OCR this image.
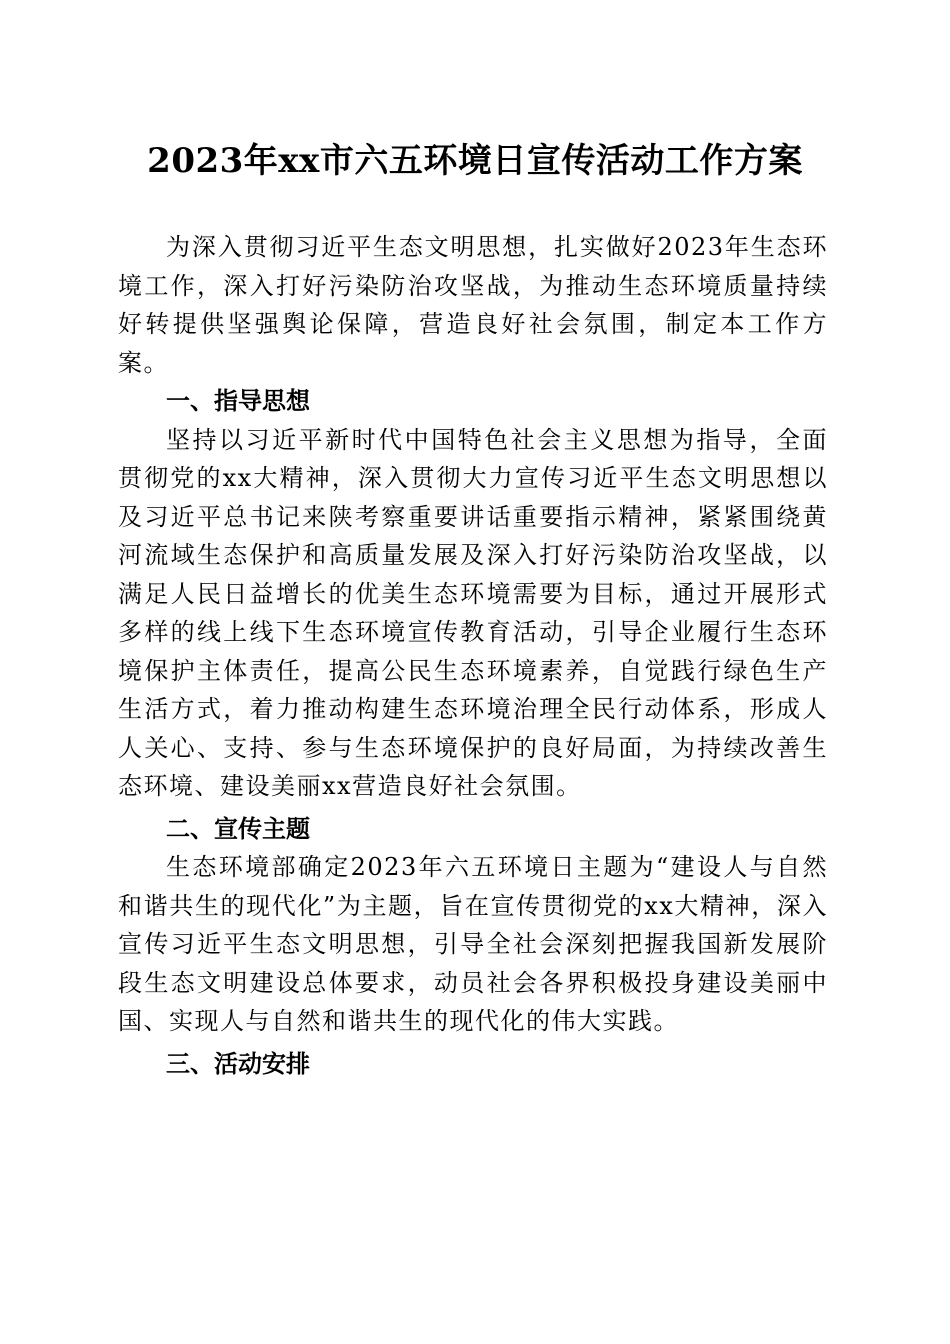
2023年xx市六五环境日宣传活动工作方案

为深入贯彻习近平生态文明思想，扎实做好2023年生态环境工作，深入打好污染防治攻坚战，为推动生态环境质量持续好转提供坚强舆论保障，营造良好社会氛围，制定本工作方案。

一、指导思想

坚持以习近平新时代中国特色社会主义思想为指导，全面贯彻党的xx大精神，深入贯彻大力宣传习近平生态文明思想以及习近平总书记来陕考察重要讲话重要指示精神，紧紧围绕黄河流域生态保护和高质量发展及深入打好污染防治攻坚战，以满足人民日益增长的优美生态环境需要为目标，通过开展形式多样的线上线下生态环境宣传教育活动，引导企业履行生态环境保护主体责任，提高公民生态环境素养，自觉践行绿色生产生活方式，着力推动构建生态环境治理全民行动体系，形成人人关心、支持、参与生态环境保护的良好局面，为持续改善生态环境、建设美丽xx营造良好社会氛围。

二、宣传主题

生态环境部确定2023年六五环境日主题为“建设人与自然和谐共生的现代化”为主题，旨在宣传贯彻党的xx大精神，深入宣传习近平生态文明思想，引导全社会深刻把握我国新发展阶段生态文明建设总体要求，动员社会各界积极投身建设美丽中国、实现人与自然和谐共生的现代化的伟大实践。

三、活动安排
